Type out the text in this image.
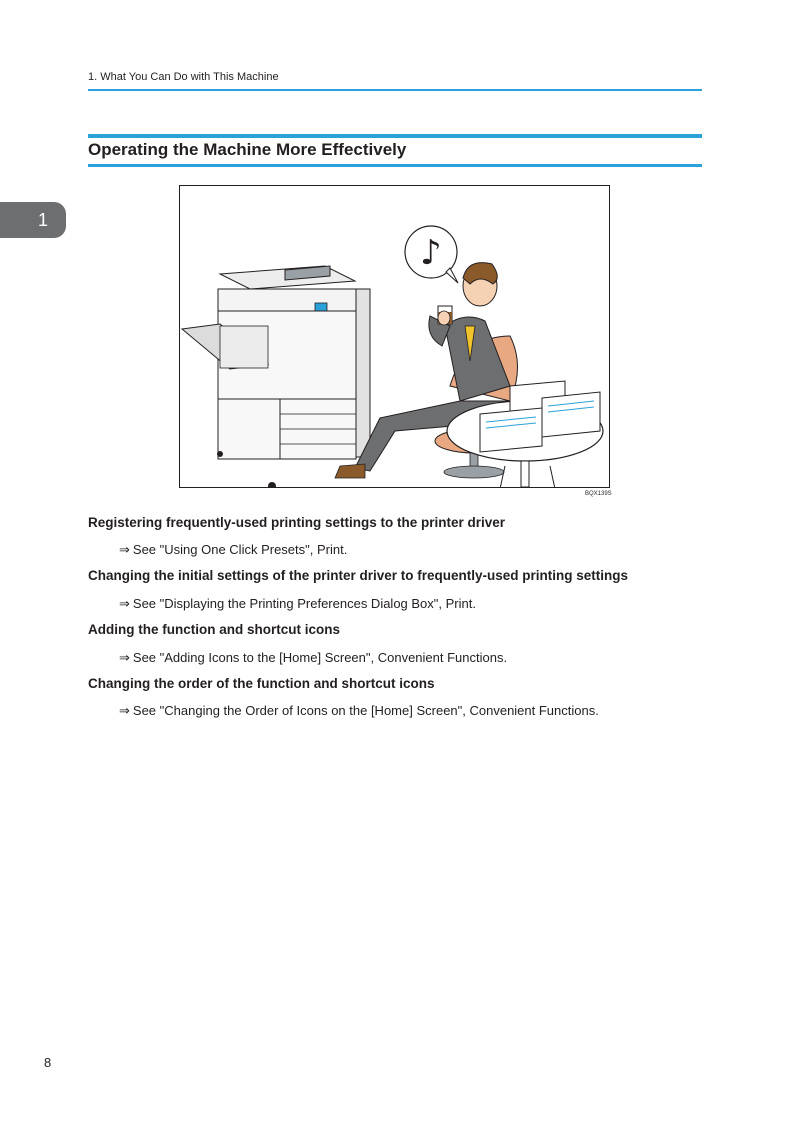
1. What You Can Do with This Machine
1
Operating the Machine More Effectively
♪
BQX139S
Registering frequently-used printing settings to the printer driver
⇒ See "Using One Click Presets", Print.
Changing the initial settings of the printer driver to frequently-used printing settings
⇒ See "Displaying the Printing Preferences Dialog Box", Print.
Adding the function and shortcut icons
⇒ See "Adding Icons to the [Home] Screen", Convenient Functions.
Changing the order of the function and shortcut icons
⇒ See "Changing the Order of Icons on the [Home] Screen", Convenient Functions.
8
